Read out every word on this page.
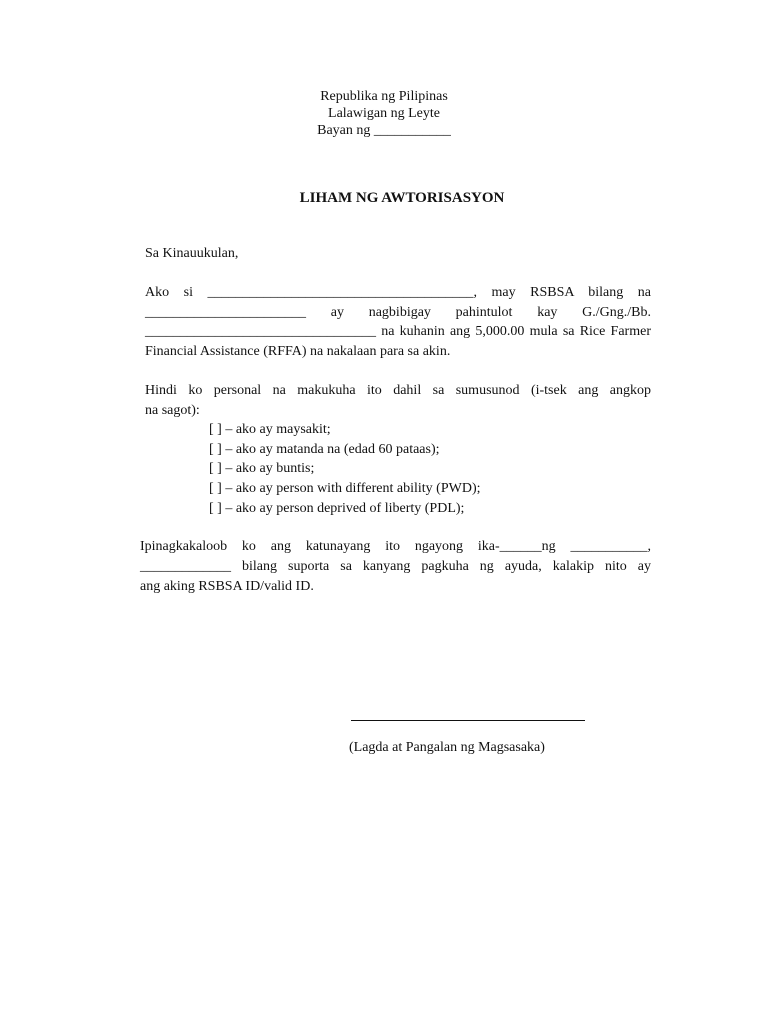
Republika ng Pilipinas
Lalawigan ng Leyte
Bayan ng ___________
LIHAM NG AWTORISASYON
Sa Kinauukulan,
Ako si ______________________________________, may RSBSA bilang na
_______________________ ay nagbibigay pahintulot kay G./Gng./Bb.
_________________________________ na kuhanin ang 5,000.00 mula sa Rice Farmer
Financial Assistance (RFFA) na nakalaan para sa akin.
Hindi ko personal na makukuha ito dahil sa sumusunod (i-tsek ang angkop
na sagot):
[ ] – ako ay maysakit;
[ ] – ako ay matanda na (edad 60 pataas);
[ ] – ako ay buntis;
[ ] – ako ay person with different ability (PWD);
[ ] – ako ay person deprived of liberty (PDL);
Ipinagkakaloob ko ang katunayang ito ngayong ika-______ng ___________,
_____________ bilang suporta sa kanyang pagkuha ng ayuda, kalakip nito ay
ang aking RSBSA ID/valid ID.
(Lagda at Pangalan ng Magsasaka)
